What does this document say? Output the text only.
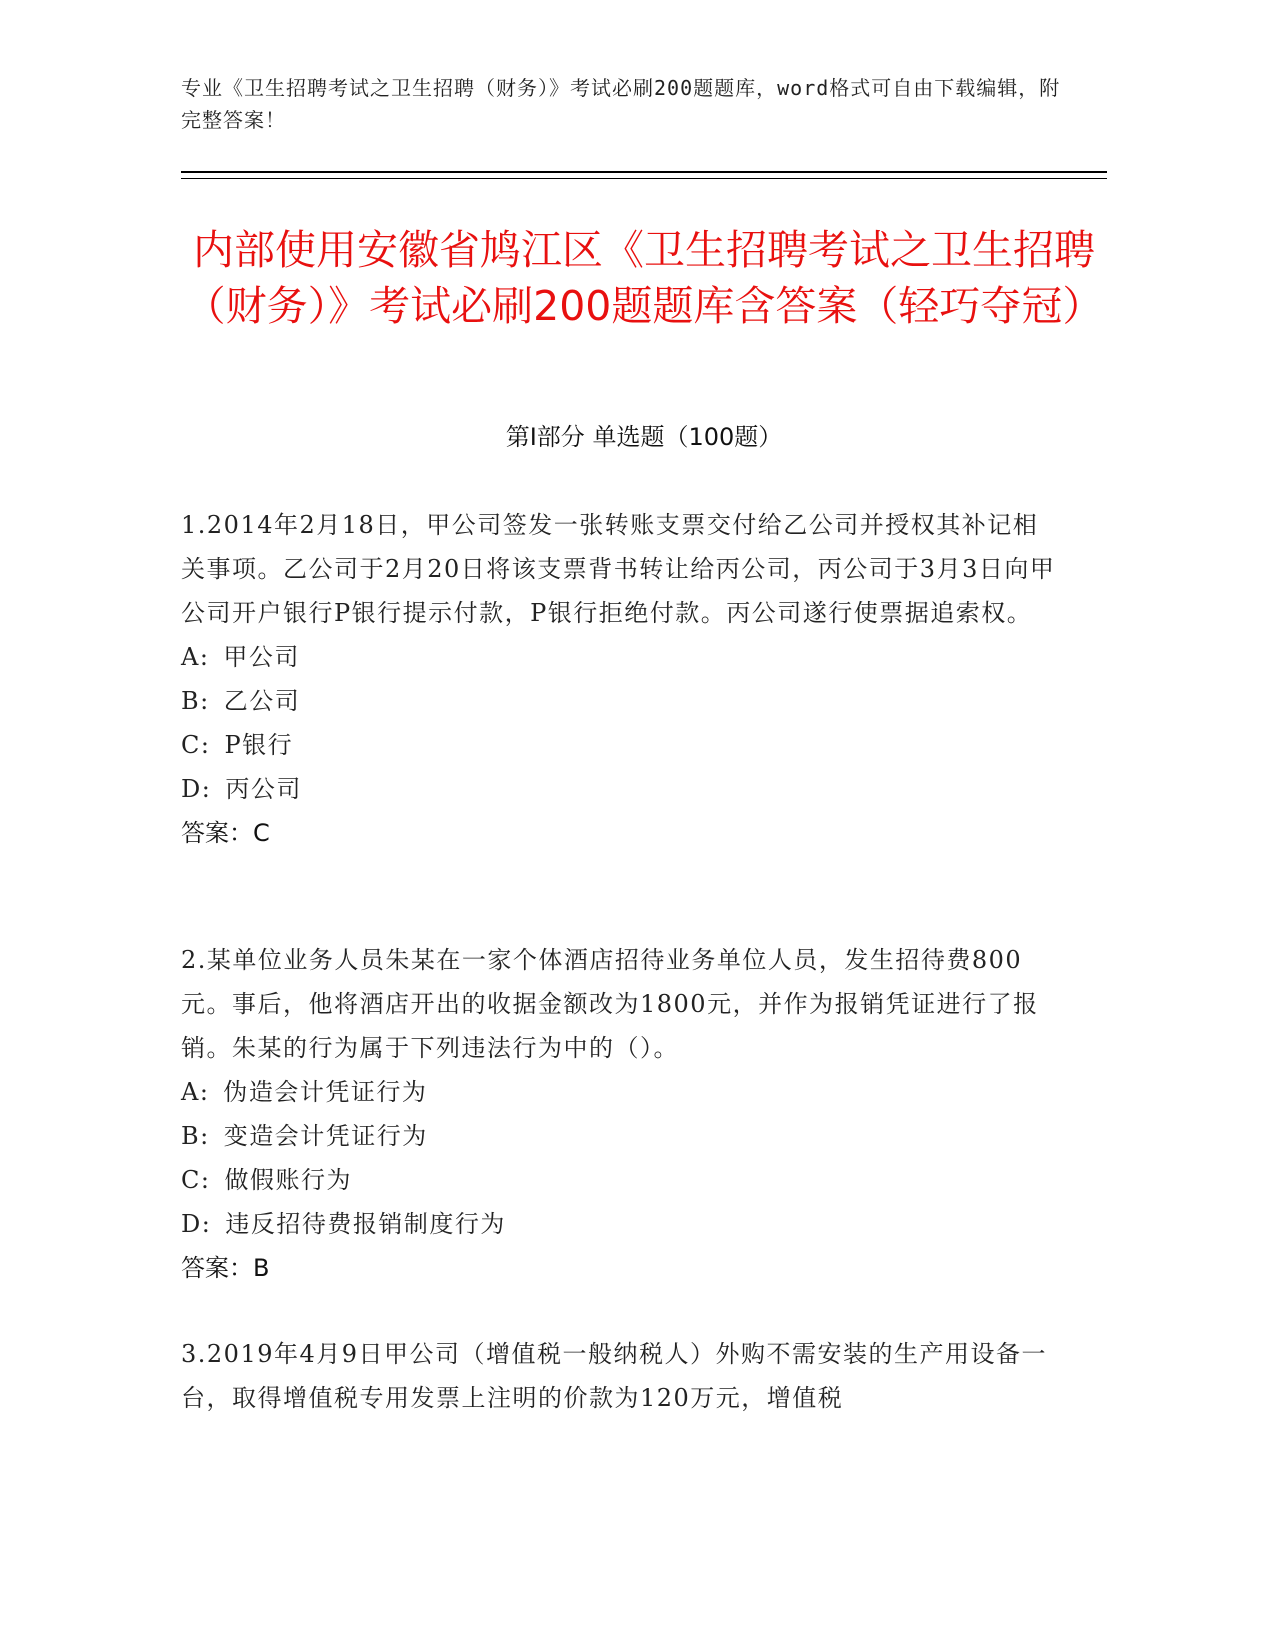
专业《卫生招聘考试之卫生招聘（财务）》考试必刷200题题库，word格式可自由下载编辑，附完整答案！
内部使用安徽省鸠江区《卫生招聘考试之卫生招聘（财务）》考试必刷200题题库含答案（轻巧夺冠）
第Ⅰ部分 单选题（100题）
1.2014年2月18日，甲公司签发一张转账支票交付给乙公司并授权其补记相关事项。乙公司于2月20日将该支票背书转让给丙公司，丙公司于3月3日向甲公司开户银行P银行提示付款，P银行拒绝付款。丙公司遂行使票据追索权。
A: 甲公司
B: 乙公司
C: P银行
D: 丙公司
答案：C
2.某单位业务人员朱某在一家个体酒店招待业务单位人员，发生招待费800元。事后，他将酒店开出的收据金额改为1800元，并作为报销凭证进行了报销。朱某的行为属于下列违法行为中的（）。
A: 伪造会计凭证行为
B: 变造会计凭证行为
C: 做假账行为
D: 违反招待费报销制度行为
答案：B
3.2019年4月9日甲公司（增值税一般纳税人）外购不需安装的生产用设备一台，取得增值税专用发票上注明的价款为120万元，增值税
